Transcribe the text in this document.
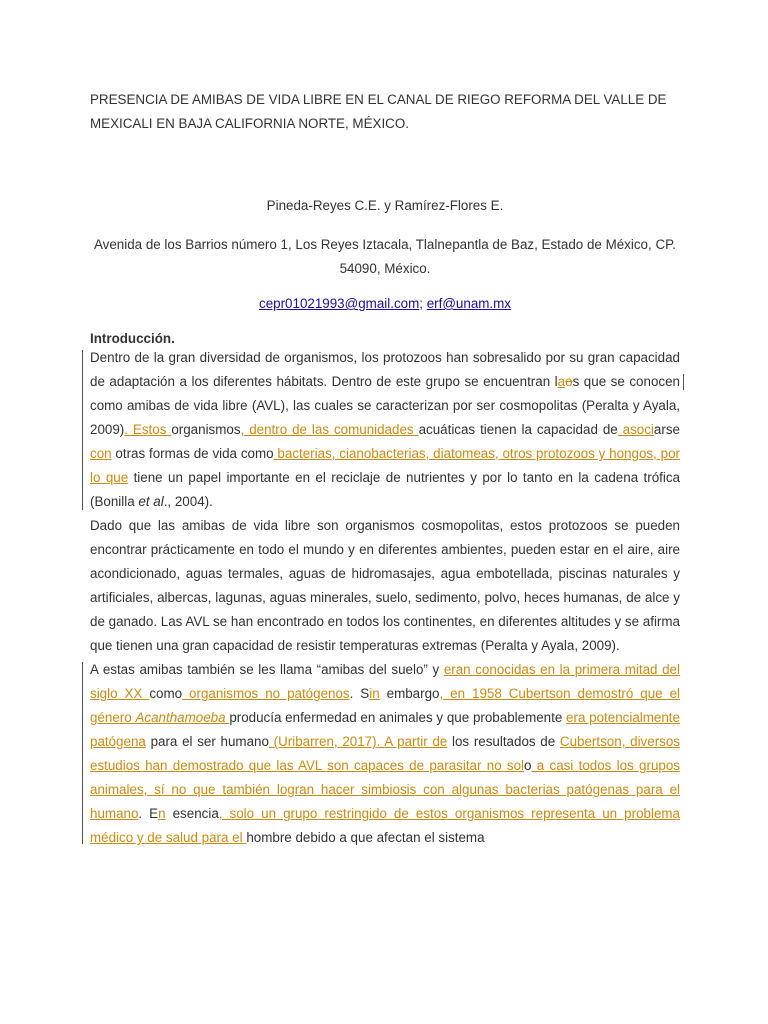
PRESENCIA DE AMIBAS DE VIDA LIBRE EN EL CANAL DE RIEGO REFORMA DEL VALLE DE MEXICALI EN BAJA CALIFORNIA NORTE, MÉXICO.
Pineda-Reyes C.E. y Ramírez-Flores E.
Avenida de los Barrios número 1, Los Reyes Iztacala, Tlalnepantla de Baz, Estado de México, CP. 54090, México.
cepr01021993@gmail.com; erf@unam.mx
Introducción.

Dentro de la gran diversidad de organismos, los protozoos han sobresalido por su gran capacidad de adaptación a los diferentes hábitats. Dentro de este grupo se encuentran laos que se conocen como amibas de vida libre (AVL), las cuales se caracterizan por ser cosmopolitas (Peralta y Ayala, 2009). Estos organismos, dentro de las comunidades acuáticas tienen la capacidad de asociarse con otras formas de vida como bacterias, cianobacterias, diatomeas, otros protozoos y hongos, por lo que tiene un papel importante en el reciclaje de nutrientes y por lo tanto en la cadena trófica (Bonilla et al., 2004).

Dado que las amibas de vida libre son organismos cosmopolitas, estos protozoos se pueden encontrar prácticamente en todo el mundo y en diferentes ambientes, pueden estar en el aire, aire acondicionado, aguas termales, aguas de hidromasajes, agua embotellada, piscinas naturales y artificiales, albercas, lagunas, aguas minerales, suelo, sedimento, polvo, heces humanas, de alce y de ganado. Las AVL se han encontrado en todos los continentes, en diferentes altitudes y se afirma que tienen una gran capacidad de resistir temperaturas extremas (Peralta y Ayala, 2009).

A estas amibas también se les llama “amibas del suelo” y eran conocidas en la primera mitad del siglo XX como organismos no patógenos. Sin embargo, en 1958 Cubertson demostró que el género Acanthamoeba producía enfermedad en animales y que probablemente era potencialmente patógena para el ser humano (Uribarren, 2017). A partir de los resultados de Cubertson, diversos estudios han demostrado que las AVL son capaces de parasitar no solo a casi todos los grupos animales, sí no que también logran hacer simbiosis con algunas bacterias patógenas para el humano. En esencia, solo un grupo restringido de estos organismos representa un problema médico y de salud para el hombre debido a que afectan el sistema
